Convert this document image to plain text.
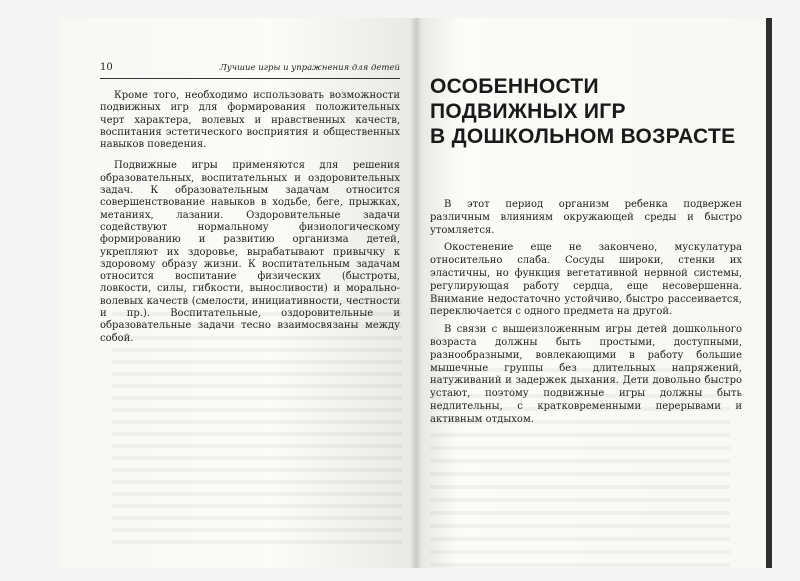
10	Лучшие игры и упражнения для детей

Кроме того, необходимо использовать возможности подвижных игр для формирования положительных черт характера, волевых и нравственных качеств, воспитания эстетического восприятия и общественных навыков поведения.

Подвижные игры применяются для решения образовательных, воспитательных и оздоровительных задач. К образовательным задачам относится совершенствование навыков в ходьбе, беге, прыжках, метаниях, лазании. Оздоровительные задачи содействуют нормальному физиологическому формированию и развитию организма детей, укрепляют их здоровье, вырабатывают привычку к здоровому образу жизни. К воспитательным задачам относится воспитание физических (быстроты, ловкости, силы, гибкости, выносливости) и морально-волевых качеств (смелости, инициативности, честности и пр.). Воспитательные, оздоровительные и образовательные задачи тесно взаимосвязаны между собой.

ОСОБЕННОСТИ ПОДВИЖНЫХ ИГР
В ДОШКОЛЬНОМ ВОЗРАСТЕ

В этот период организм ребенка подвержен различным влияниям окружающей среды и быстро утомляется.

Окостенение еще не закончено, мускулатура относительно слаба. Сосуды широки, стенки их эластичны, но функция вегетативной нервной системы, регулирующая работу сердца, еще несовершенна. Внимание недостаточно устойчиво, быстро рассеивается, переключается с одного предмета на другой.

В связи с вышеизложенным игры детей дошкольного возраста должны быть простыми, доступными, разнообразными, вовлекающими в работу большие мышечные группы без длительных напряжений, натуживаний и задержек дыхания. Дети довольно быстро устают, поэтому подвижные игры должны быть недлительны, с кратковременными перерывами и активным отдыхом.
